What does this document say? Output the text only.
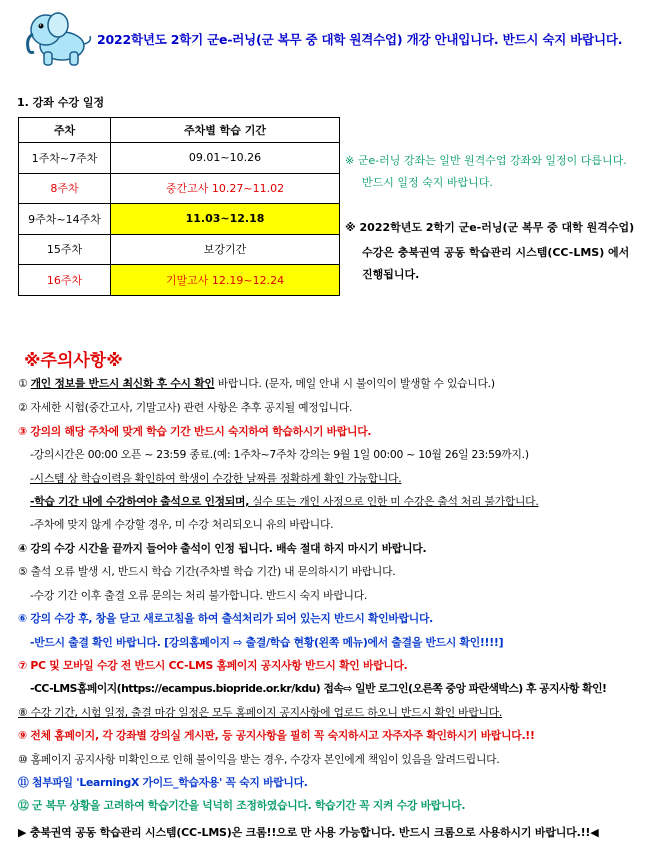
2022학년도 2학기 군e-러닝(군 복무 중 대학 원격수업) 개강 안내입니다. 반드시 숙지 바랍니다.
1. 강좌 수강 일정
주차	주차별 학습 기간
1주차~7주차	09.01~10.26
8주차	중간고사 10.27~11.02
9주차~14주차	11.03~12.18
15주차	보강기간
16주차	기말고사 12.19~12.24
※ 군e-러닝 강좌는 일반 원격수업 강좌와 일정이 다릅니다.
반드시 일정 숙지 바랍니다.
※ 2022학년도 2학기 군e-러닝(군 복무 중 대학 원격수업)
수강은 충북권역 공동 학습관리 시스템(CC-LMS) 에서
진행됩니다.
※주의사항※
① 개인 정보를 반드시 최신화 후 수시 확인 바랍니다. (문자, 메일 안내 시 불이익이 발생할 수 있습니다.)
② 자세한 시험(중간고사, 기말고사) 관련 사항은 추후 공지될 예정입니다.
③ 강의의 해당 주차에 맞게 학습 기간 반드시 숙지하여 학습하시기 바랍니다.
-강의시간은 00:00 오픈 ~ 23:59 종료.(예: 1주차~7주차 강의는 9월 1일 00:00 ~ 10월 26일 23:59까지.)
-시스템 상 학습이력을 확인하여 학생이 수강한 날짜를 정확하게 확인 가능합니다.
-학습 기간 내에 수강하여야 출석으로 인정되며, 실수 또는 개인 사정으로 인한 미 수강은 출석 처리 불가합니다.
-주차에 맞지 않게 수강할 경우, 미 수강 처리되오니 유의 바랍니다.
④ 강의 수강 시간을 끝까지 들어야 출석이 인정 됩니다. 배속 절대 하지 마시기 바랍니다.
⑤ 출석 오류 발생 시, 반드시 학습 기간(주차별 학습 기간) 내 문의하시기 바랍니다.
-수강 기간 이후 출결 오류 문의는 처리 불가합니다. 반드시 숙지 바랍니다.
⑥ 강의 수강 후, 창을 닫고 새로고침을 하여 출석처리가 되어 있는지 반드시 확인바랍니다.
-반드시 출결 확인 바랍니다. [강의홈페이지 ⇨ 출결/학습 현황(왼쪽 메뉴)에서 출결을 반드시 확인!!!!]
⑦ PC 및 모바일 수강 전 반드시 CC-LMS 홈페이지 공지사항 반드시 확인 바랍니다.
-CC-LMS홈페이지(https://ecampus.biopride.or.kr/kdu) 접속⇨ 일반 로그인(오른쪽 중앙 파란색박스) 후 공지사항 확인!
⑧ 수강 기간, 시험 일정, 출결 마감 일정은 모두 홈페이지 공지사항에 업로드 하오니 반드시 확인 바랍니다.
⑨ 전체 홈페이지, 각 강좌별 강의실 게시판, 등 공지사항을 필히 꼭 숙지하시고 자주자주 확인하시기 바랍니다.!!
⑩ 홈페이지 공지사항 미확인으로 인해 불이익을 받는 경우, 수강자 본인에게 책임이 있음을 알려드립니다.
⑪ 첨부파일 'LearningX 가이드_학습자용' 꼭 숙지 바랍니다.
⑫ 군 복무 상황을 고려하여 학습기간을 넉넉히 조정하였습니다. 학습기간 꼭 지켜 수강 바랍니다.
▶ 충북권역 공동 학습관리 시스템(CC-LMS)은 크롬!!으로 만 사용 가능합니다. 반드시 크롬으로 사용하시기 바랍니다.!!◀
